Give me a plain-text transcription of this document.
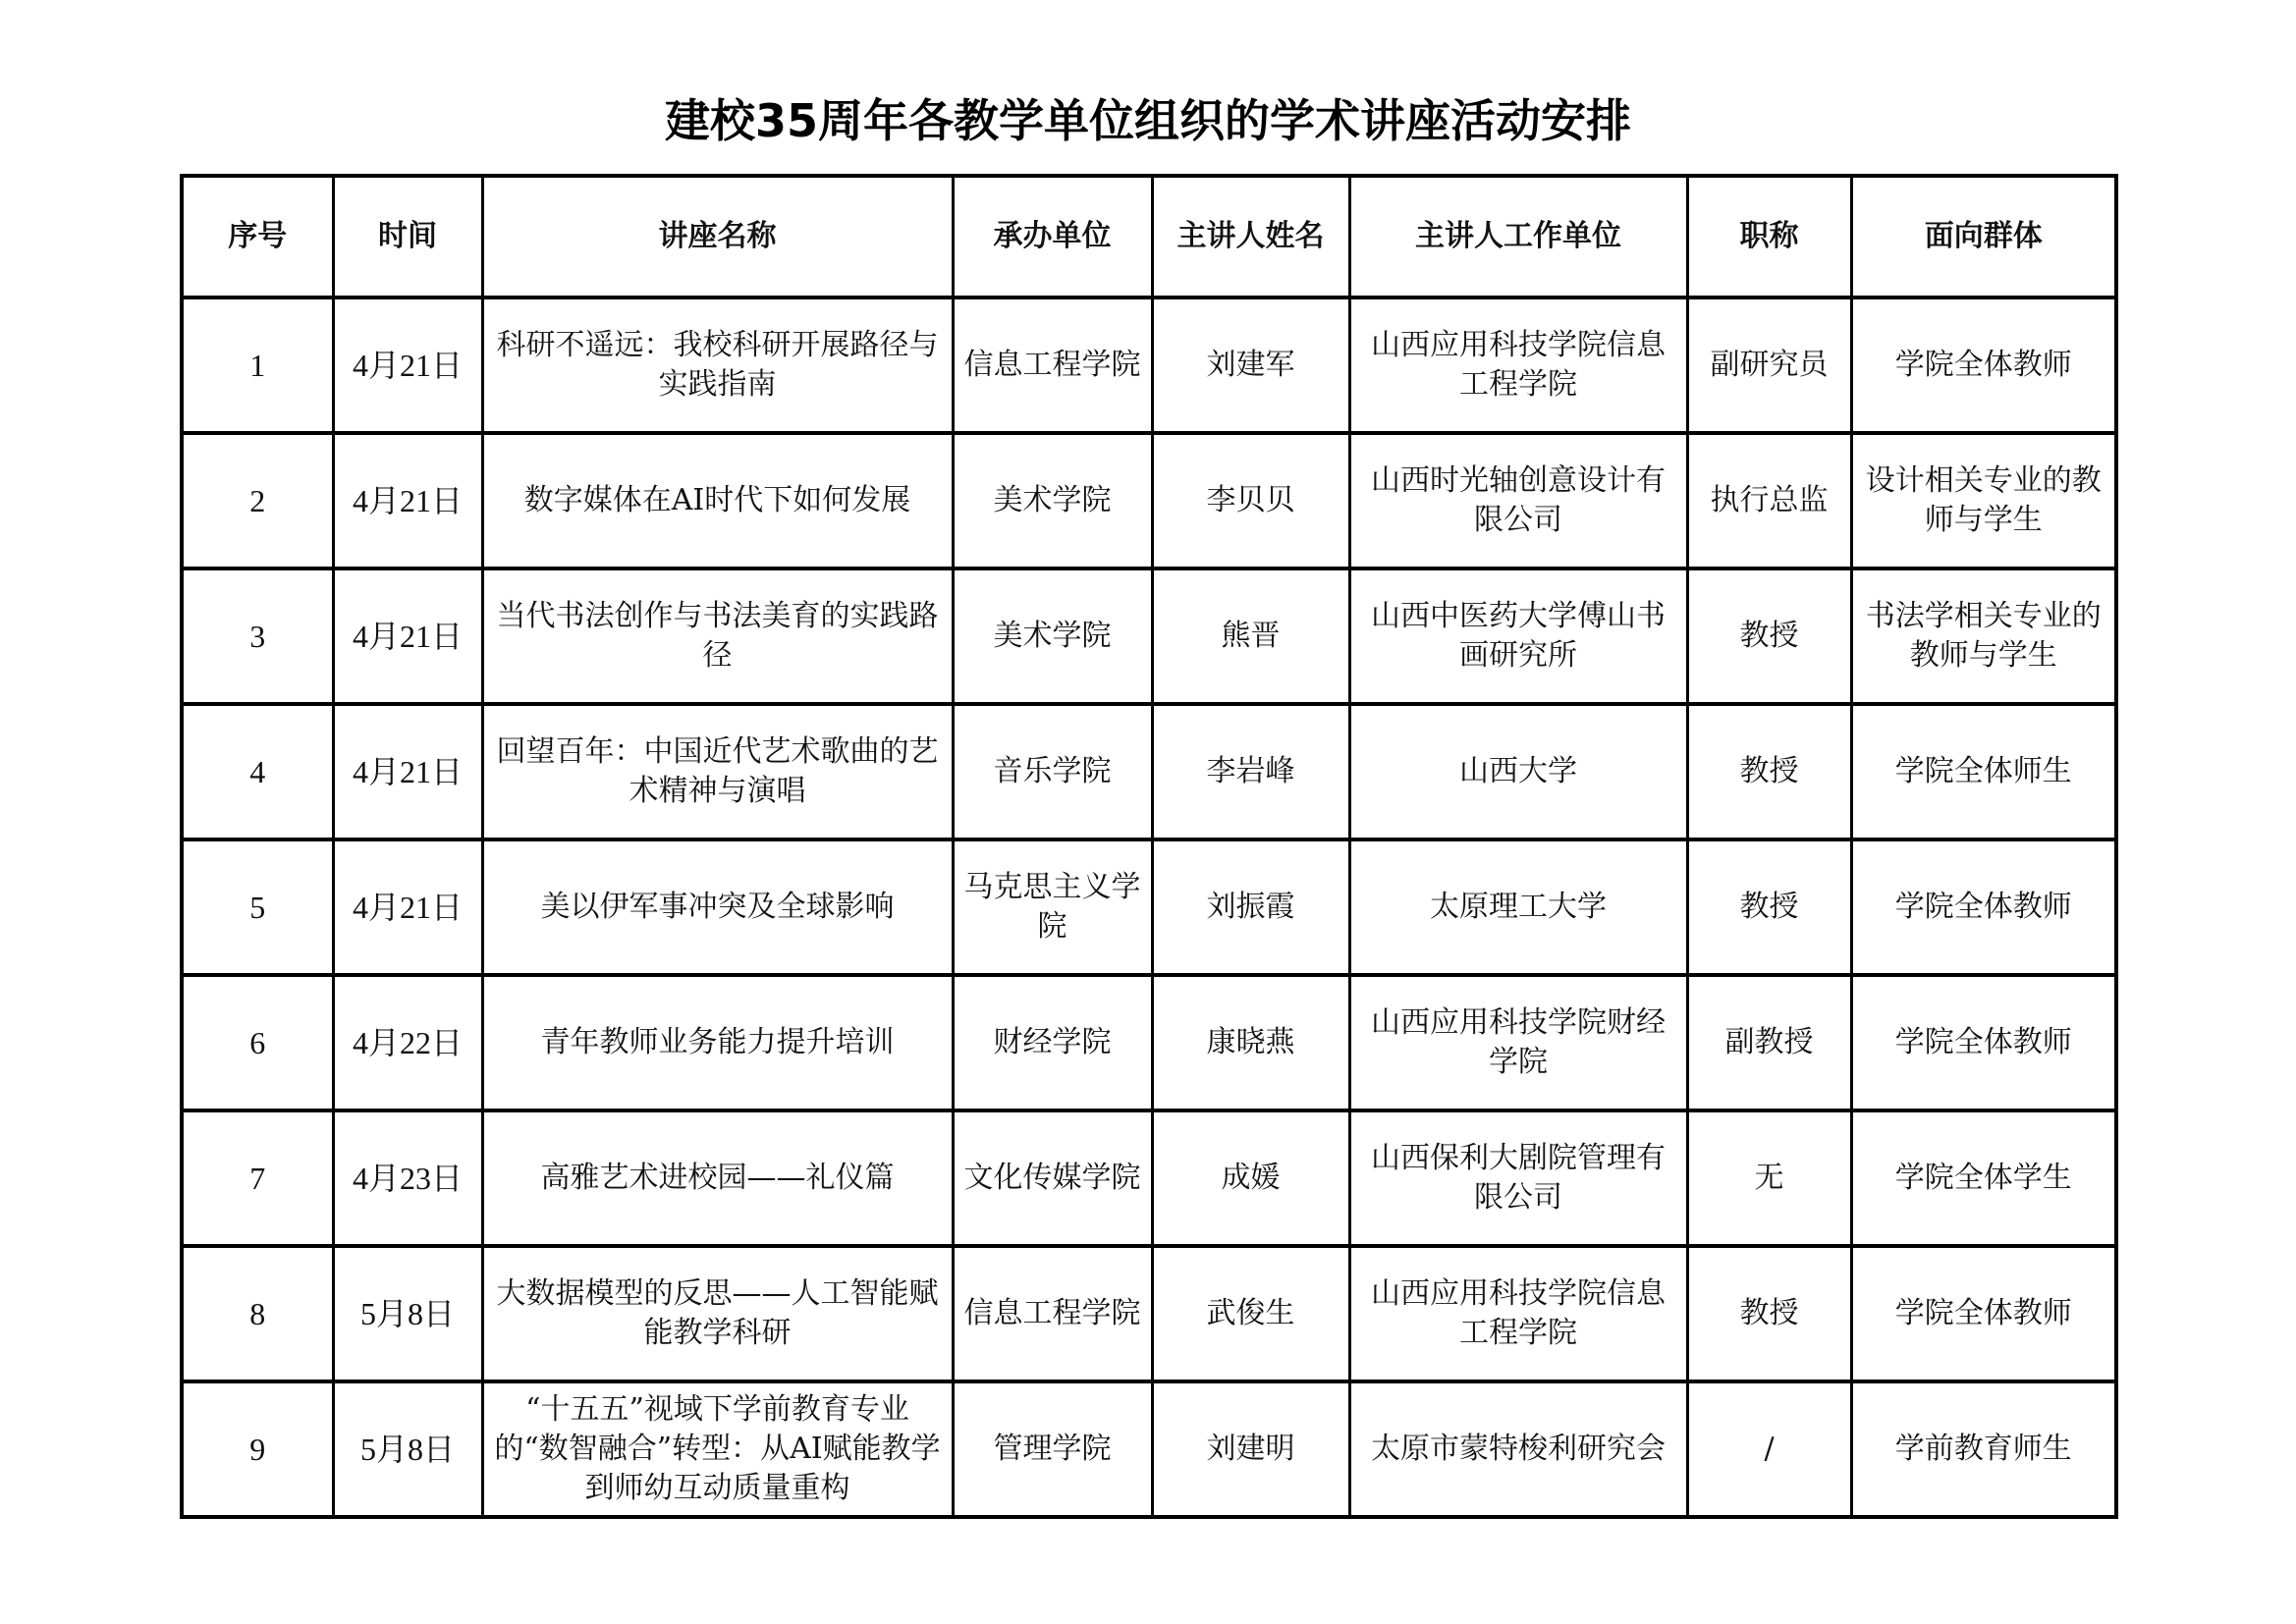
建校35周年各教学单位组织的学术讲座活动安排
序号	时间	讲座名称	承办单位	主讲人姓名	主讲人工作单位	职称	面向群体
1	4月21日	科研不遥远：我校科研开展路径与实践指南	信息工程学院	刘建军	山西应用科技学院信息工程学院	副研究员	学院全体教师
2	4月21日	数字媒体在AI时代下如何发展	美术学院	李贝贝	山西时光轴创意设计有限公司	执行总监	设计相关专业的教师与学生
3	4月21日	当代书法创作与书法美育的实践路径	美术学院	熊晋	山西中医药大学傅山书画研究所	教授	书法学相关专业的教师与学生
4	4月21日	回望百年：中国近代艺术歌曲的艺术精神与演唱	音乐学院	李岩峰	山西大学	教授	学院全体师生
5	4月21日	美以伊军事冲突及全球影响	马克思主义学院	刘振霞	太原理工大学	教授	学院全体教师
6	4月22日	青年教师业务能力提升培训	财经学院	康晓燕	山西应用科技学院财经学院	副教授	学院全体教师
7	4月23日	高雅艺术进校园——礼仪篇	文化传媒学院	成媛	山西保利大剧院管理有限公司	无	学院全体学生
8	5月8日	大数据模型的反思——人工智能赋能教学科研	信息工程学院	武俊生	山西应用科技学院信息工程学院	教授	学院全体教师
9	5月8日	“十五五”视域下学前教育专业的“数智融合”转型：从AI赋能教学到师幼互动质量重构	管理学院	刘建明	太原市蒙特梭利研究会	/	学前教育师生
